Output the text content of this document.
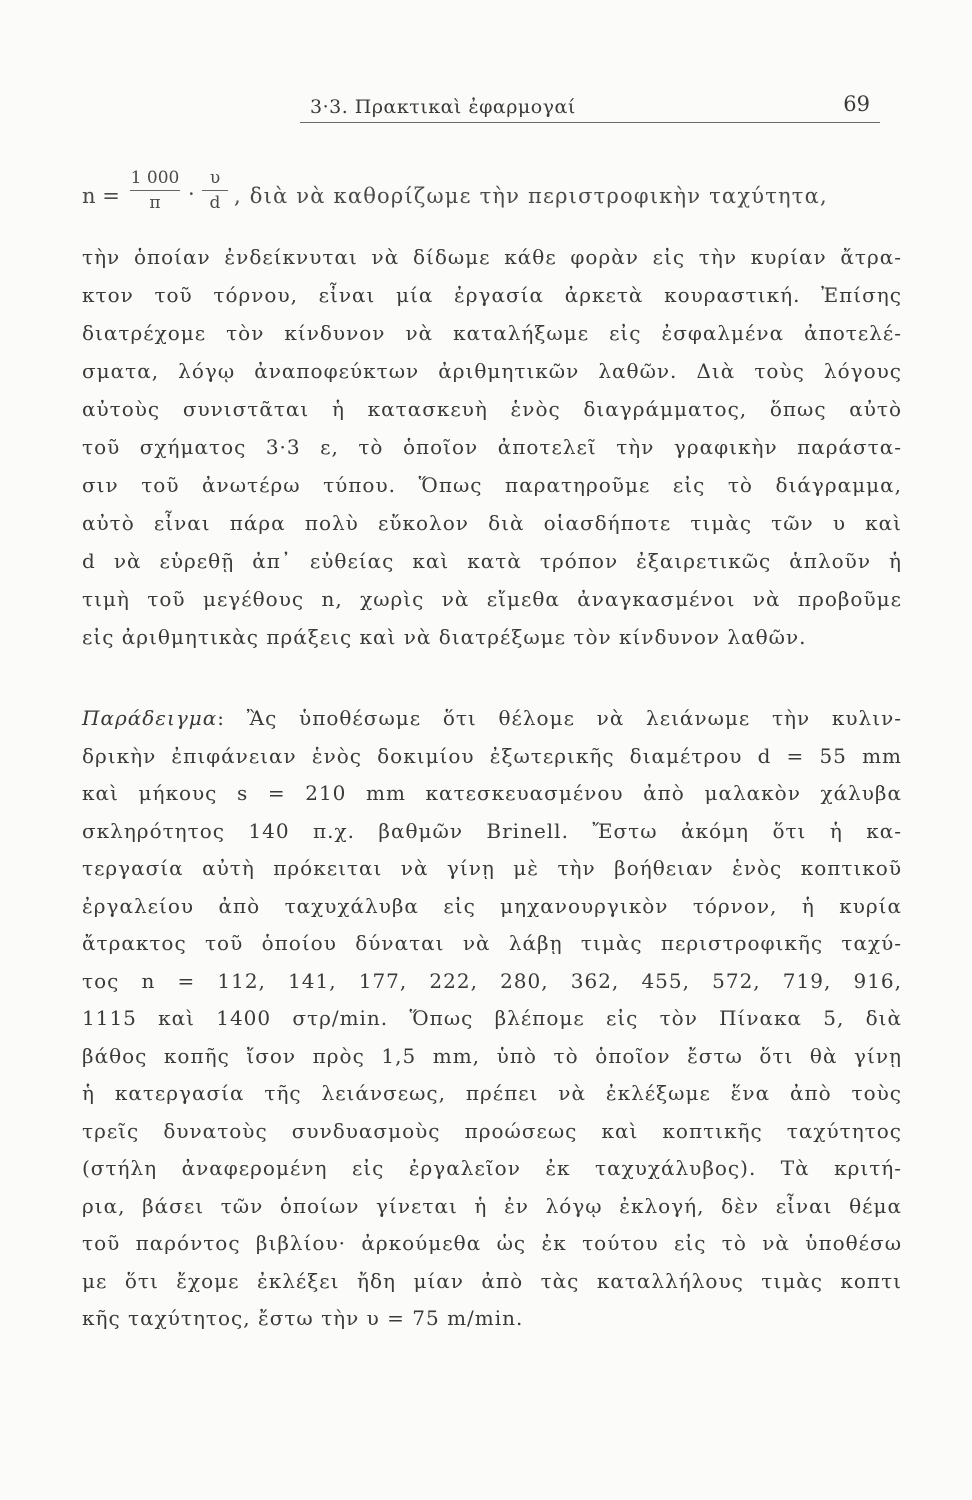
3·3. Πρακτικαὶ ἐφαρμογαί	69
n =
1 000
π	·
υ
d , διὰ νὰ καθορίζωμε τὴν περιστροφικὴν ταχύτητα,
τὴν ὁποίαν ἐνδείκνυται νὰ δίδωμε κάθε φορὰν εἰς τὴν κυρίαν ἄτρα-
κτον τοῦ τόρνου, εἶναι μία ἐργασία ἀρκετὰ κουραστική. Ἐπίσης
διατρέχομε τὸν κίνδυνον νὰ καταλήξωμε εἰς ἐσφαλμένα ἀποτελέ-
σματα, λόγῳ ἀναποφεύκτων ἀριθμητικῶν λαθῶν. Διὰ τοὺς λόγους
αὐτοὺς συνιστᾶται ἡ κατασκευὴ ἑνὸς διαγράμματος, ὅπως αὐτὸ
τοῦ σχήματος 3·3 ε, τὸ ὁποῖον ἀποτελεῖ τὴν γραφικὴν παράστα-
σιν τοῦ ἀνωτέρω τύπου. Ὅπως παρατηροῦμε εἰς τὸ διάγραμμα,
αὐτὸ εἶναι πάρα πολὺ εὔκολον διὰ οἱασδήποτε τιμὰς τῶν υ καὶ
d νὰ εὑρεθῇ ἀπ᾽ εὐθείας καὶ κατὰ τρόπον ἐξαιρετικῶς ἁπλοῦν ἡ
τιμὴ τοῦ μεγέθους n, χωρὶς νὰ εἴμεθα ἀναγκασμένοι νὰ προβοῦμε
εἰς ἀριθμητικὰς πράξεις καὶ νὰ διατρέξωμε τὸν κίνδυνον λαθῶν.
Παράδειγμα: Ἂς ὑποθέσωμε ὅτι θέλομε νὰ λειάνωμε τὴν κυλιν-
δρικὴν ἐπιφάνειαν ἑνὸς δοκιμίου ἐξωτερικῆς διαμέτρου d = 55 mm
καὶ μήκους s = 210 mm κατεσκευασμένου ἀπὸ μαλακὸν χάλυβα
σκληρότητος 140 π.χ. βαθμῶν Brinell. Ἔστω ἀκόμη ὅτι ἡ κα-
τεργασία αὐτὴ πρόκειται νὰ γίνῃ μὲ τὴν βοήθειαν ἑνὸς κοπτικοῦ
ἐργαλείου ἀπὸ ταχυχάλυβα εἰς μηχανουργικὸν τόρνον, ἡ κυρία
ἄτρακτος τοῦ ὁποίου δύναται νὰ λάβῃ τιμὰς περιστροφικῆς ταχύ-
τος n = 112, 141, 177, 222, 280, 362, 455, 572, 719, 916,
1115 καὶ 1400 στρ/min. Ὅπως βλέπομε εἰς τὸν Πίνακα 5, διὰ
βάθος κοπῆς ἴσον πρὸς 1,5 mm, ὑπὸ τὸ ὁποῖον ἔστω ὅτι θὰ γίνῃ
ἡ κατεργασία τῆς λειάνσεως, πρέπει νὰ ἐκλέξωμε ἕνα ἀπὸ τοὺς
τρεῖς δυνατοὺς συνδυασμοὺς προώσεως καὶ κοπτικῆς ταχύτητος
(στήλη ἀναφερομένη εἰς ἐργαλεῖον ἐκ ταχυχάλυβος). Τὰ κριτή-
ρια, βάσει τῶν ὁποίων γίνεται ἡ ἐν λόγῳ ἐκλογή, δὲν εἶναι θέμα
τοῦ παρόντος βιβλίου· ἀρκούμεθα ὡς ἐκ τούτου εἰς τὸ νὰ ὑποθέσω
με ὅτι ἔχομε ἐκλέξει ἤδη μίαν ἀπὸ τὰς καταλλήλους τιμὰς κοπτι
κῆς ταχύτητος, ἔστω τὴν υ = 75 m/min.
